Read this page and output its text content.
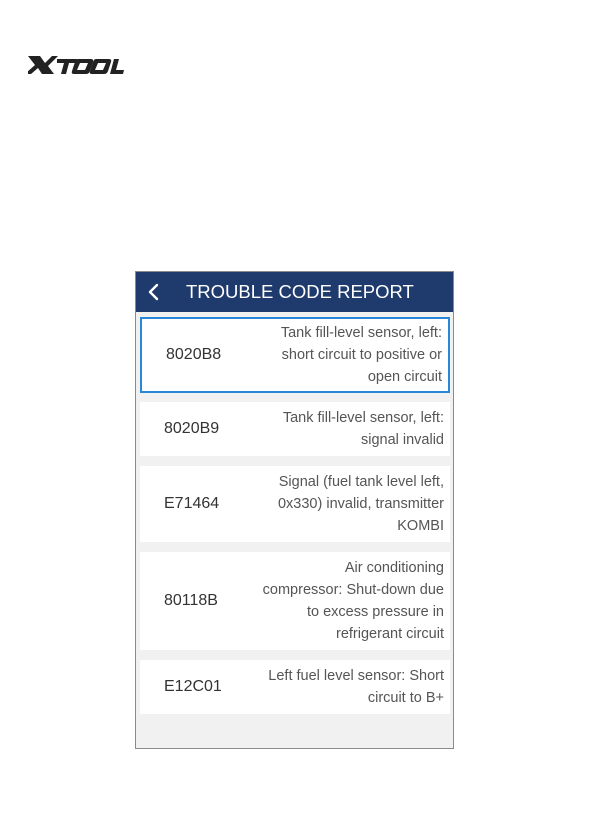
TROUBLE CODE REPORT
8020B8
Tank fill-level sensor, left:
short circuit to positive or
open circuit
8020B9
Tank fill-level sensor, left:
signal invalid
E71464
Signal (fuel tank level left,
0x330) invalid, transmitter
KOMBI
80118B
Air conditioning
compressor: Shut-down due
to excess pressure in
refrigerant circuit
E12C01
Left fuel level sensor: Short
circuit to B+
